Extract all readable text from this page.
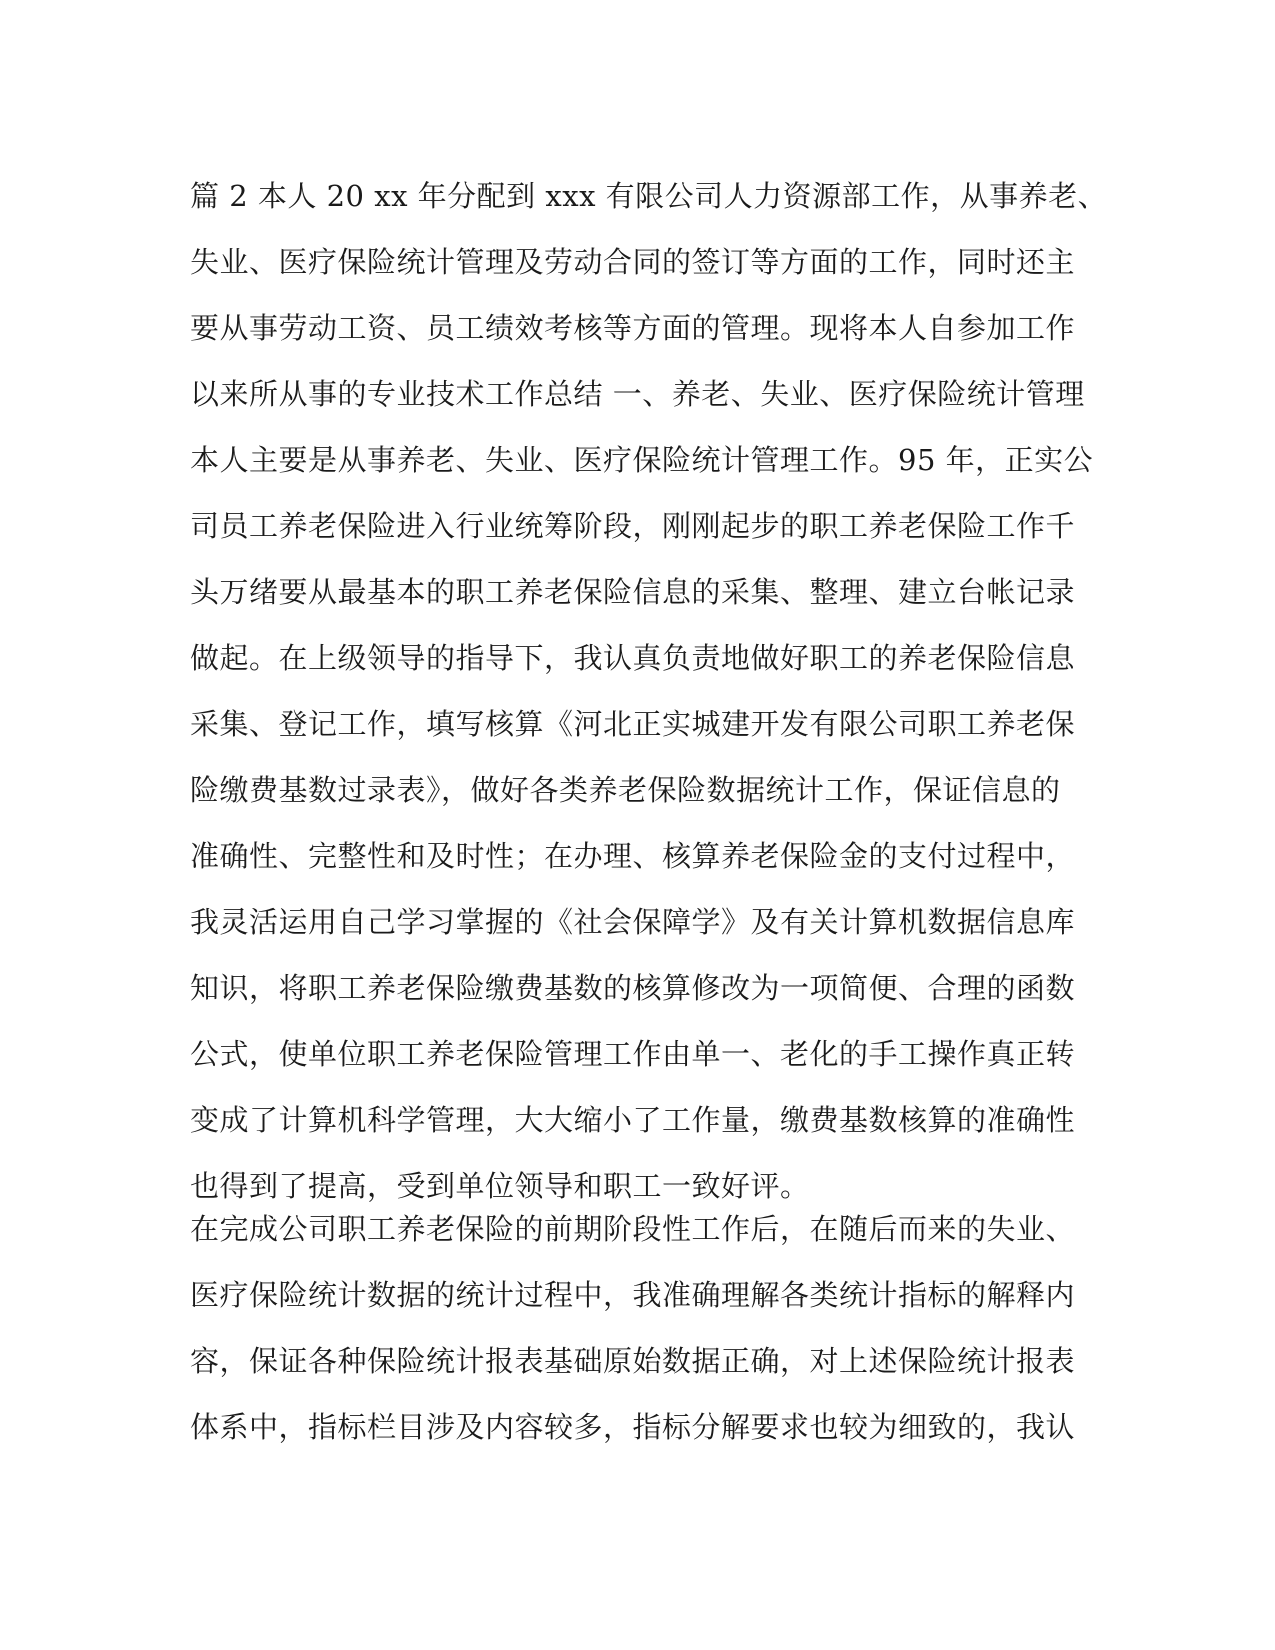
篇 2 本人 20 xx 年分配到 xxx 有限公司人力资源部工作，从事养老、
失业、医疗保险统计管理及劳动合同的签订等方面的工作，同时还主
要从事劳动工资、员工绩效考核等方面的管理。现将本人自参加工作
以来所从事的专业技术工作总结 一、养老、失业、医疗保险统计管理
本人主要是从事养老、失业、医疗保险统计管理工作。95 年，正实公
司员工养老保险进入行业统筹阶段，刚刚起步的职工养老保险工作千
头万绪要从最基本的职工养老保险信息的采集、整理、建立台帐记录
做起。在上级领导的指导下，我认真负责地做好职工的养老保险信息
采集、登记工作，填写核算《河北正实城建开发有限公司职工养老保
险缴费基数过录表》，做好各类养老保险数据统计工作，保证信息的
准确性、完整性和及时性；在办理、核算养老保险金的支付过程中，
我灵活运用自己学习掌握的《社会保障学》及有关计算机数据信息库
知识，将职工养老保险缴费基数的核算修改为一项简便、合理的函数
公式，使单位职工养老保险管理工作由单一、老化的手工操作真正转
变成了计算机科学管理，大大缩小了工作量，缴费基数核算的准确性
也得到了提高，受到单位领导和职工一致好评。
在完成公司职工养老保险的前期阶段性工作后，在随后而来的失业、
医疗保险统计数据的统计过程中，我准确理解各类统计指标的解释内
容，保证各种保险统计报表基础原始数据正确，对上述保险统计报表
体系中，指标栏目涉及内容较多，指标分解要求也较为细致的，我认
